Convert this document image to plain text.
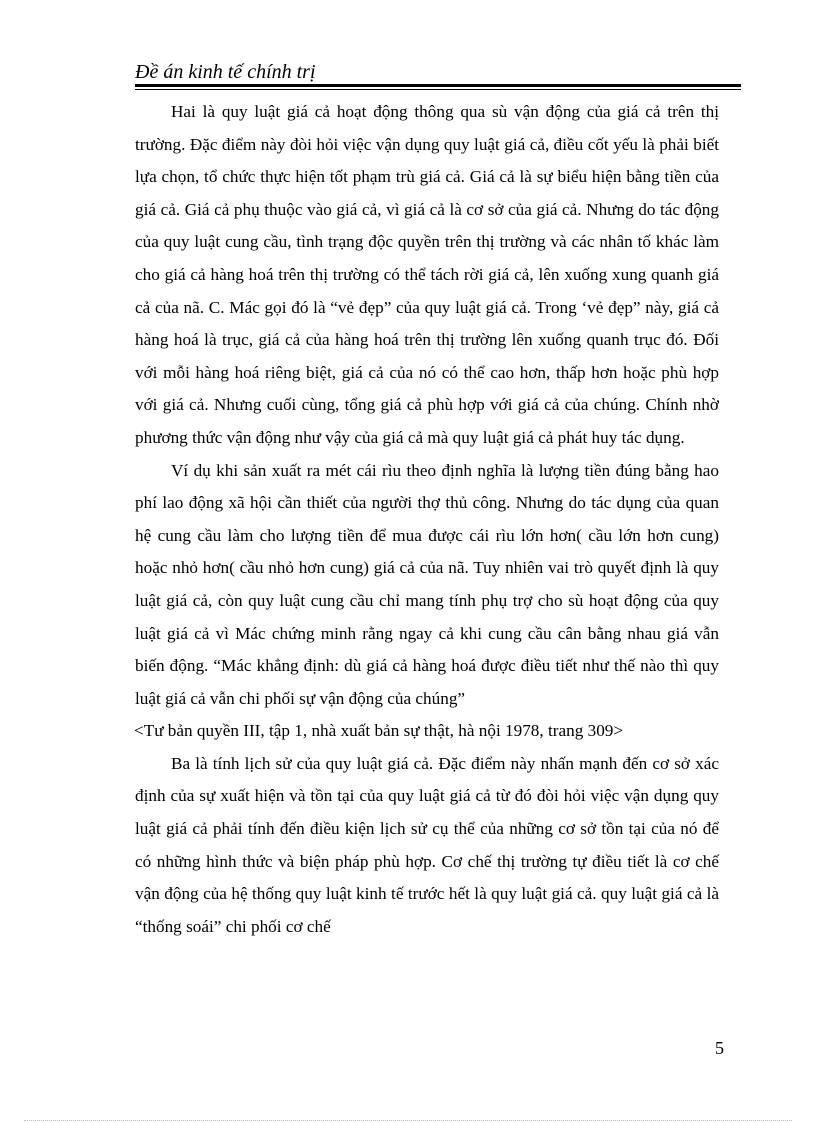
Đề án kinh tế chính trị

Hai là quy luật giá cả hoạt động thông qua sù vận động của giá cả trên thị trường. Đặc điểm này đòi hỏi việc vận dụng quy luật giá cả, điều cốt yếu là phải biết lựa chọn, tổ chức thực hiện tốt phạm trù giá cả. Giá cả là sự biểu hiện bằng tiền của giá cả. Giá cả phụ thuộc vào giá cả, vì giá cả là cơ sở của giá cả. Nhưng do tác động của quy luật cung cầu, tình trạng độc quyền trên thị trường và các nhân tố khác làm cho giá cả hàng hoá trên thị trường có thể tách rời giá cả, lên xuống xung quanh giá cả của nã. C. Mác gọi đó là “vẻ đẹp” của quy luật giá cả. Trong ‘vẻ đẹp” này, giá cả hàng hoá là trục, giá cả của hàng hoá trên thị trường lên xuống quanh trục đó. Đối với mỗi hàng hoá riêng biệt, giá cả của nó có thể cao hơn, thấp hơn hoặc phù hợp với giá cả. Nhưng cuối cùng, tổng giá cả phù hợp với giá cả của chúng. Chính nhờ phương thức vận động như vậy của giá cả mà quy luật giá cả phát huy tác dụng.

Ví dụ khi sản xuất ra mét cái rìu theo định nghĩa là lượng tiền đúng bằng hao phí lao động xã hội cần thiết của người thợ thủ công. Nhưng do tác dụng của quan hệ cung cầu làm cho lượng tiền để mua được cái rìu lớn hơn( cầu lớn hơn cung) hoặc nhỏ hơn( cầu nhỏ hơn cung) giá cả của nã. Tuy nhiên vai trò quyết định là quy luật giá cả, còn quy luật cung cầu chỉ mang tính phụ trợ cho sù hoạt động của quy luật giá cả vì Mác chứng minh rằng ngay cả khi cung cầu cân bằng nhau giá vẫn biến động. “Mác khẳng định: dù giá cả hàng hoá được điều tiết như thế nào thì quy luật giá cả vẫn chi phối sự vận động của chúng”

<Tư bản quyền III, tập 1, nhà xuất bản sự thật, hà nội 1978, trang 309>

Ba là tính lịch sử của quy luật giá cả. Đặc điểm này nhấn mạnh đến cơ sở xác định của sự xuất hiện và tồn tại của quy luật giá cả từ đó đòi hỏi việc vận dụng quy luật giá cả phải tính đến điều kiện lịch sử cụ thể của những cơ sở tồn tại của nó để có những hình thức và biện pháp phù hợp. Cơ chế thị trường tự điều tiết là cơ chế vận động của hệ thống quy luật kinh tế trước hết là quy luật giá cả. quy luật giá cả là “thống soái” chi phối cơ chế

5
